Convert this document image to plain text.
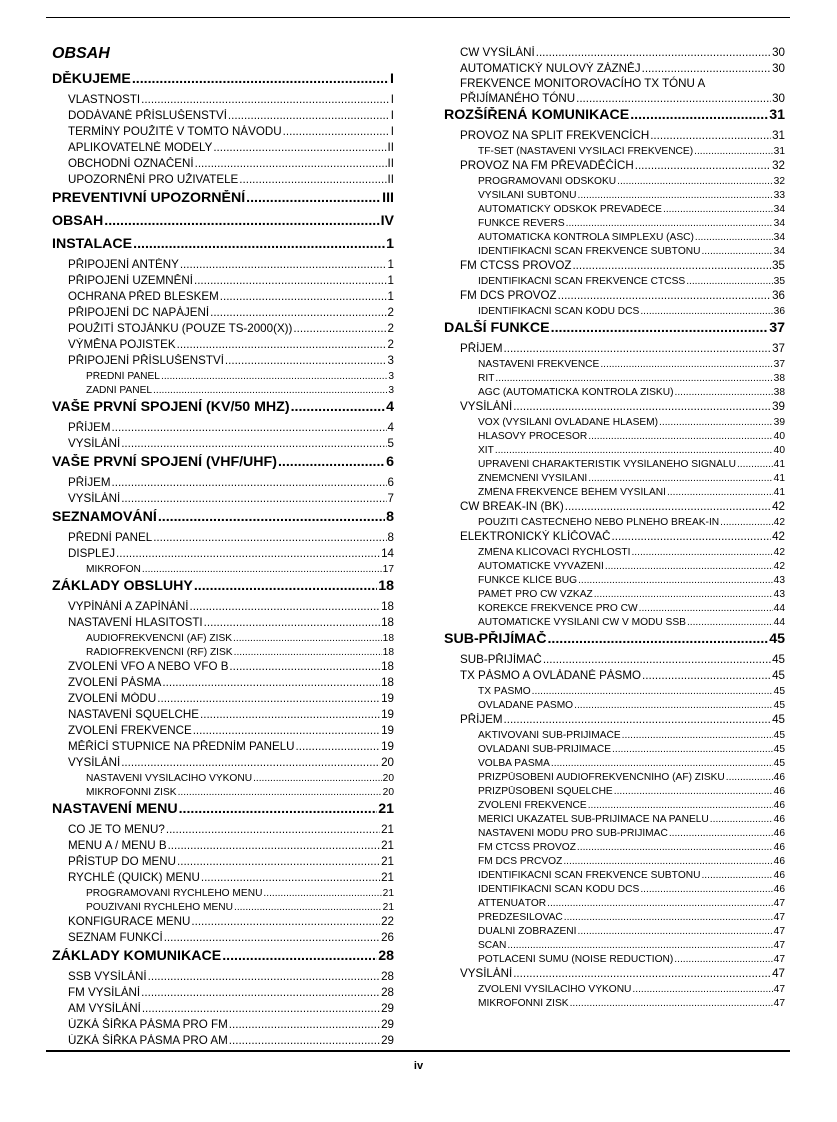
OBSAH
DĚKUJEME .....	I
VLASTNOSTI .....	I
DODÁVANÉ PŘÍSLUŠENSTVÍ .....	I
TERMÍNY POUŽITÉ V TOMTO NÁVODU .....	I
APLIKOVATELNÉ MODELY .....	II
OBCHODNÍ OZNAČENÍ .....	II
UPOZORNĚNÍ PRO UŽIVATELE .....	II
PREVENTIVNÍ UPOZORNĚNÍ .....	III
OBSAH .....	IV
INSTALACE .....	1
PŘIPOJENÍ ANTÉNY .....	1
PŘIPOJENÍ UZEMNĚNÍ .....	1
OCHRANA PŘED BLESKEM .....	1
PŘIPOJENÍ DC NAPÁJENÍ .....	2
POUŽITÍ STOJÁNKU (POUZE TS-2000(X)) .....	2
VÝMĚNA POJISTEK .....	2
PŘIPOJENÍ PŘÍSLUŠENSTVÍ .....	3
PŘEDNÍ PANEL .....	3
ZADNÍ PANEL .....	3
VAŠE PRVNÍ SPOJENÍ (KV/50 MHZ) .....	4
PŘÍJEM .....	4
VYSÍLÁNÍ .....	5
VAŠE PRVNÍ SPOJENÍ (VHF/UHF) .....	6
PŘÍJEM .....	6
VYSÍLÁNÍ .....	7
SEZNAMOVÁNÍ .....	8
PŘEDNÍ PANEL .....	8
DISPLEJ .....	14
MIKROFON .....	17
ZÁKLADY OBSLUHY .....	18
VYPÍNÁNÍ A ZAPÍNÁNÍ .....	18
NASTAVENÍ HLASITOSTI .....	18
AUDIOFREKVENČNÍ (AF) ZISK .....	18
RADIOFREKVENČNÍ (RF) ZISK .....	18
ZVOLENÍ VFO A NEBO VFO B .....	18
ZVOLENÍ PÁSMA .....	18
ZVOLENÍ MÓDU .....	19
NASTAVENÍ SQUELCHE .....	19
ZVOLENÍ FREKVENCE .....	19
MĚŘÍCÍ STUPNICE NA PŘEDNÍM PANELU .....	19
VYSÍLÁNÍ .....	20
NASTAVENÍ VYSÍLACÍHO VÝKONU .....	20
MIKROFONNÍ ZISK .....	20
NASTAVENÍ MENU .....	21
CO JE TO MENU? .....	21
MENU A / MENU B .....	21
PŘÍSTUP DO MENU .....	21
RYCHLÉ (QUICK) MENU .....	21
PROGRAMOVÁNÍ RYCHLÉHO MENU .....	21
POUŽÍVÁNÍ RYCHLÉHO MENU .....	21
KONFIGURACE MENU .....	22
SEZNAM FUNKCÍ .....	26
ZÁKLADY KOMUNIKACE .....	28
SSB VYSÍLÁNÍ .....	28
FM VYSÍLÁNÍ .....	28
AM VYSÍLÁNÍ .....	29
ÚZKÁ ŠÍŘKA PÁSMA PRO FM .....	29
ÚZKÁ ŠÍŘKA PÁSMA PRO AM .....	29
CW VYSÍLÁNÍ .....	30
AUTOMATICKÝ NULOVÝ ZÁZNĚJ .....	30
FREKVENCE MONITOROVACÍHO TX TÓNU A
PŘIJÍMANÉHO TÓNU .....	30
ROZŠÍŘENÁ KOMUNIKACE .....	31
PROVOZ NA SPLIT FREKVENCÍCH .....	31
TF-SET (NASTAVENÍ VYSÍLACÍ FREKVENCE) .....	31
PROVOZ NA FM PŘEVADĚČÍCH .....	32
PROGRAMOVÁNÍ ODSKOKU .....	32
VYSÍLÁNÍ SUBTÓNU .....	33
AUTOMATICKÝ ODSKOK PŘEVADĚČE .....	34
FUNKCE REVERS .....	34
AUTOMATICKÁ KONTROLA SIMPLEXU (ASC) .....	34
IDENTIFIKAČNÍ SCAN FREKVENCE SUBTÓNU .....	34
FM CTCSS PROVOZ .....	35
IDENTIFIKAČNÍ SCAN FREKVENCE CTCSS .....	35
FM DCS PROVOZ .....	36
IDENTIFIKAČNÍ SCAN KÓDU DCS .....	36
DALŠÍ FUNKCE .....	37
PŘÍJEM .....	37
NASTAVENÍ FREKVENCE .....	37
RIT .....	38
AGC (AUTOMATICKÁ KONTROLA ZISKU) .....	38
VYSÍLÁNÍ .....	39
VOX (VYSÍLÁNÍ OVLÁDANÉ HLASEM) .....	39
HLASOVÝ PROCESOR .....	40
XIT .....	40
UPRAVENÍ CHARAKTERISTIK VYSÍLANÉHO SIGNÁLU .....	41
ZNEMCNĚNÍ VYSÍLÁNÍ .....	41
ZMĚNA FREKVENCE BĚHEM VYSÍLÁNÍ .....	41
CW BREAK-IN (BK) .....	42
POUŽITÍ ČÁSTEČNÉHO NEBO PLNÉHO BREAK-IN .....	42
ELEKTRONICKÝ KLÍČOVAČ .....	42
ZMĚNA KLÍČOVACÍ RYCHLOSTI .....	42
AUTOMATICKÉ VYVÁŽENÍ .....	42
FUNKCE KLÍČE BUG .....	43
PAMĚŤ PRO CW VZKAZ .....	43
KOREKCE FREKVENCE PRO CW .....	44
AUTOMATICKÉ VYSÍLÁNÍ CW V MÓDU SSB .....	44
SUB-PŘIJÍMAČ .....	45
SUB-PŘIJÍMAČ .....	45
TX PÁSMO A OVLÁDANÉ PÁSMO .....	45
TX PÁSMO .....	45
OVLÁDANÉ PÁSMO .....	45
PŘÍJEM .....	45
AKTIVOVÁNÍ SUB-PŘIJÍMAČE .....	45
OVLÁDÁNÍ SUB-PŘIJÍMAČE .....	45
VOLBA PÁSMA .....	45
PŘIZPŮSOBENÍ AUDIOFREKVENČNÍHO (AF) ZISKU .....	46
PŘIZPŮSOBENÍ SQUELCHE .....	46
ZVOLENÍ FREKVENCE .....	46
MĚŘÍCÍ UKAZATEL SUB-PŘIJÍMAČE NA PANELU .....	46
NASTAVENÍ MÓDU PRO SUB-PŘIJÍMAČ .....	46
FM CTCSS PROVOZ .....	46
FM DCS PRCVOZ .....	46
IDENTIFIKAČNÍ SCAN FREKVENCE SUBTÓNU .....	46
IDENTIFIKAČNÍ SCAN KÓDU DCS .....	46
ATTENUÁTOR .....	47
PŘEDZESILOVAČ .....	47
DUÁLNÍ ZOBRAZENÍ .....	47
SCAN .....	47
POTLAČENÍ ŠUMU (NOISE REDUCTION) .....	47
VYSÍLÁNÍ .....	47
ZVOLENÍ VYSÍLACÍHO VÝKONU .....	47
MIKROFONNÍ ZISK .....	47
iv
